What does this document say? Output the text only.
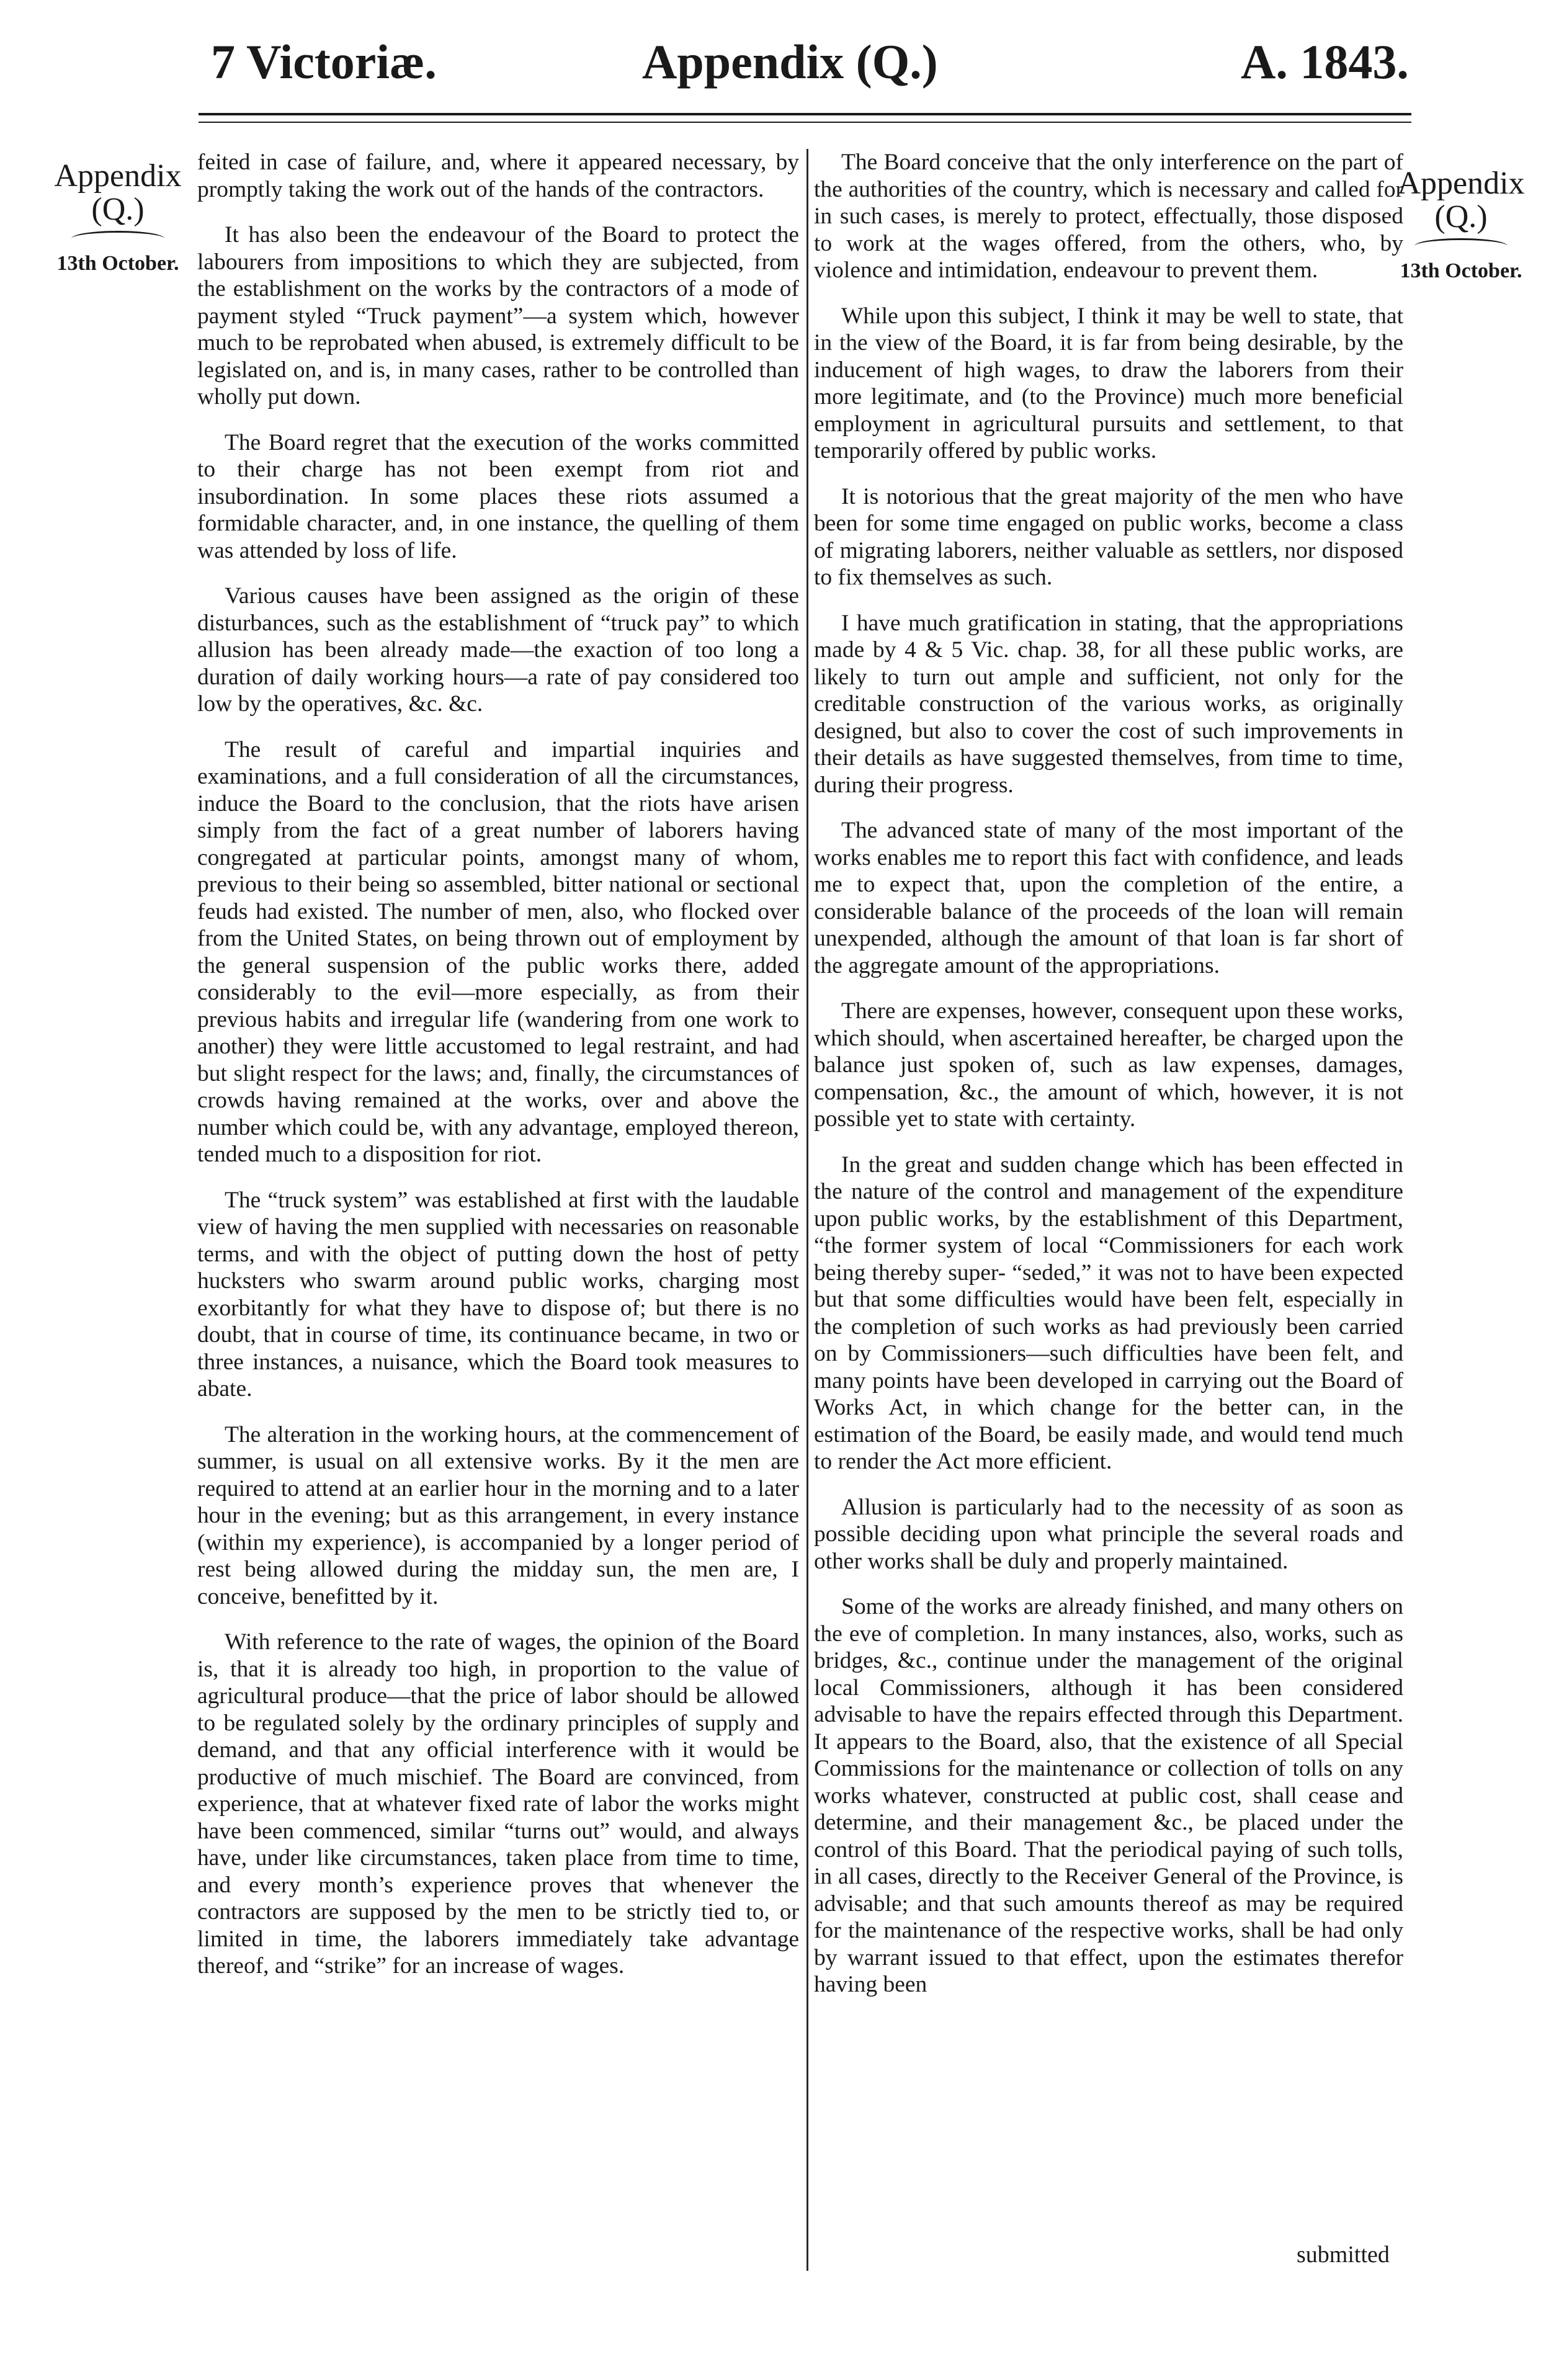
7 Victoriæ.	Appendix (Q.)	A. 1843.
Appendix
(Q.)
13th October.
Appendix
(Q.)
13th October.

feited in case of failure, and, where it appeared necessary, by promptly taking the work out of the hands of the contractors.

It has also been the endeavour of the Board to protect the labourers from impositions to which they are subjected, from the establishment on the works by the contractors of a mode of payment styled “Truck payment”—a system which, however much to be reprobated when abused, is extremely difficult to be legislated on, and is, in many cases, rather to be controlled than wholly put down.

The Board regret that the execution of the works committed to their charge has not been exempt from riot and insubordination. In some places these riots assumed a formidable character, and, in one instance, the quelling of them was attended by loss of life.

Various causes have been assigned as the origin of these disturbances, such as the establishment of “truck pay” to which allusion has been already made—the exaction of too long a duration of daily working hours—a rate of pay considered too low by the operatives, &c. &c.

The result of careful and impartial inquiries and examinations, and a full consideration of all the circumstances, induce the Board to the conclusion, that the riots have arisen simply from the fact of a great number of laborers having congregated at particular points, amongst many of whom, previous to their being so assembled, bitter national or sectional feuds had existed. The number of men, also, who flocked over from the United States, on being thrown out of employment by the general suspension of the public works there, added considerably to the evil—more especially, as from their previous habits and irregular life (wandering from one work to another) they were little accustomed to legal restraint, and had but slight respect for the laws; and, finally, the circumstances of crowds having remained at the works, over and above the number which could be, with any advantage, employed thereon, tended much to a disposition for riot.

The “truck system” was established at first with the laudable view of having the men supplied with necessaries on reasonable terms, and with the object of putting down the host of petty hucksters who swarm around public works, charging most exorbitantly for what they have to dispose of; but there is no doubt, that in course of time, its continuance became, in two or three instances, a nuisance, which the Board took measures to abate.

The alteration in the working hours, at the commencement of summer, is usual on all extensive works. By it the men are required to attend at an earlier hour in the morning and to a later hour in the evening; but as this arrangement, in every instance (within my experience), is accompanied by a longer period of rest being allowed during the midday sun, the men are, I conceive, benefitted by it.

With reference to the rate of wages, the opinion of the Board is, that it is already too high, in proportion to the value of agricultural produce—that the price of labor should be allowed to be regulated solely by the ordinary principles of supply and demand, and that any official interference with it would be productive of much mischief. The Board are convinced, from experience, that at whatever fixed rate of labor the works might have been commenced, similar “turns out” would, and always have, under like circumstances, taken place from time to time, and every month’s experience proves that whenever the contractors are supposed by the men to be strictly tied to, or limited in time, the laborers immediately take advantage thereof, and “strike” for an increase of wages.

The Board conceive that the only interference on the part of the authorities of the country, which is necessary and called for in such cases, is merely to protect, effectually, those disposed to work at the wages offered, from the others, who, by violence and intimidation, endeavour to prevent them.

While upon this subject, I think it may be well to state, that in the view of the Board, it is far from being desirable, by the inducement of high wages, to draw the laborers from their more legitimate, and (to the Province) much more beneficial employment in agricultural pursuits and settlement, to that temporarily offered by public works.

It is notorious that the great majority of the men who have been for some time engaged on public works, become a class of migrating laborers, neither valuable as settlers, nor disposed to fix themselves as such.

I have much gratification in stating, that the appropriations made by 4 & 5 Vic. chap. 38, for all these public works, are likely to turn out ample and sufficient, not only for the creditable construction of the various works, as originally designed, but also to cover the cost of such improvements in their details as have suggested themselves, from time to time, during their progress.

The advanced state of many of the most important of the works enables me to report this fact with confidence, and leads me to expect that, upon the completion of the entire, a considerable balance of the proceeds of the loan will remain unexpended, although the amount of that loan is far short of the aggregate amount of the appropriations.

There are expenses, however, consequent upon these works, which should, when ascertained hereafter, be charged upon the balance just spoken of, such as law expenses, damages, compensation, &c., the amount of which, however, it is not possible yet to state with certainty.

In the great and sudden change which has been effected in the nature of the control and management of the expenditure upon public works, by the establishment of this Department, “the former system of local “Commissioners for each work being thereby super- “seded,” it was not to have been expected but that some difficulties would have been felt, especially in the completion of such works as had previously been carried on by Commissioners—such difficulties have been felt, and many points have been developed in carrying out the Board of Works Act, in which change for the better can, in the estimation of the Board, be easily made, and would tend much to render the Act more efficient.

Allusion is particularly had to the necessity of as soon as possible deciding upon what principle the several roads and other works shall be duly and properly maintained.

Some of the works are already finished, and many others on the eve of completion. In many instances, also, works, such as bridges, &c., continue under the management of the original local Commissioners, although it has been considered advisable to have the repairs effected through this Department. It appears to the Board, also, that the existence of all Special Commissions for the maintenance or collection of tolls on any works whatever, constructed at public cost, shall cease and determine, and their management &c., be placed under the control of this Board. That the periodical paying of such tolls, in all cases, directly to the Receiver General of the Province, is advisable; and that such amounts thereof as may be required for the maintenance of the respective works, shall be had only by warrant issued to that effect, upon the estimates therefor having been

submitted
